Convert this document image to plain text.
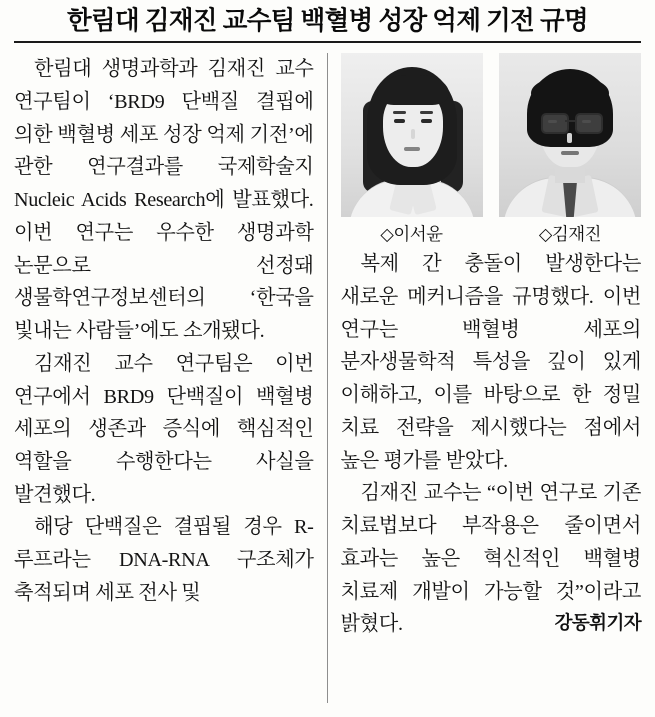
한림대 김재진 교수팀 백혈병 성장 억제 기전 규명

한림대 생명과학과 김재진 교수 연구팀이 ‘BRD9 단백질 결핍에 의한 백혈병 세포 성장 억제 기전’에 관한 연구결과를 국제학술지 Nucleic Acids Research에 발표했다. 이번 연구는 우수한 생명과학 논문으로 선정돼 생물학연구정보센터의 ‘한국을 빛내는 사람들’에도 소개됐다.

김재진 교수 연구팀은 이번 연구에서 BRD9 단백질이 백혈병 세포의 생존과 증식에 핵심적인 역할을 수행한다는 사실을 발견했다.

해당 단백질은 결핍될 경우 R-루프라는 DNA-RNA 구조체가 축적되며 세포 전사 및

◇이서윤	◇김재진

복제 간 충돌이 발생한다는 새로운 메커니즘을 규명했다. 이번 연구는 백혈병 세포의 분자생물학적 특성을 깊이 있게 이해하고, 이를 바탕으로 한 정밀 치료 전략을 제시했다는 점에서 높은 평가를 받았다.

김재진 교수는 “이번 연구로 기존 치료법보다 부작용은 줄이면서 효과는 높은 혁신적인 백혈병 치료제 개발이 가능할 것”이라고 밝혔다.	강동휘기자
